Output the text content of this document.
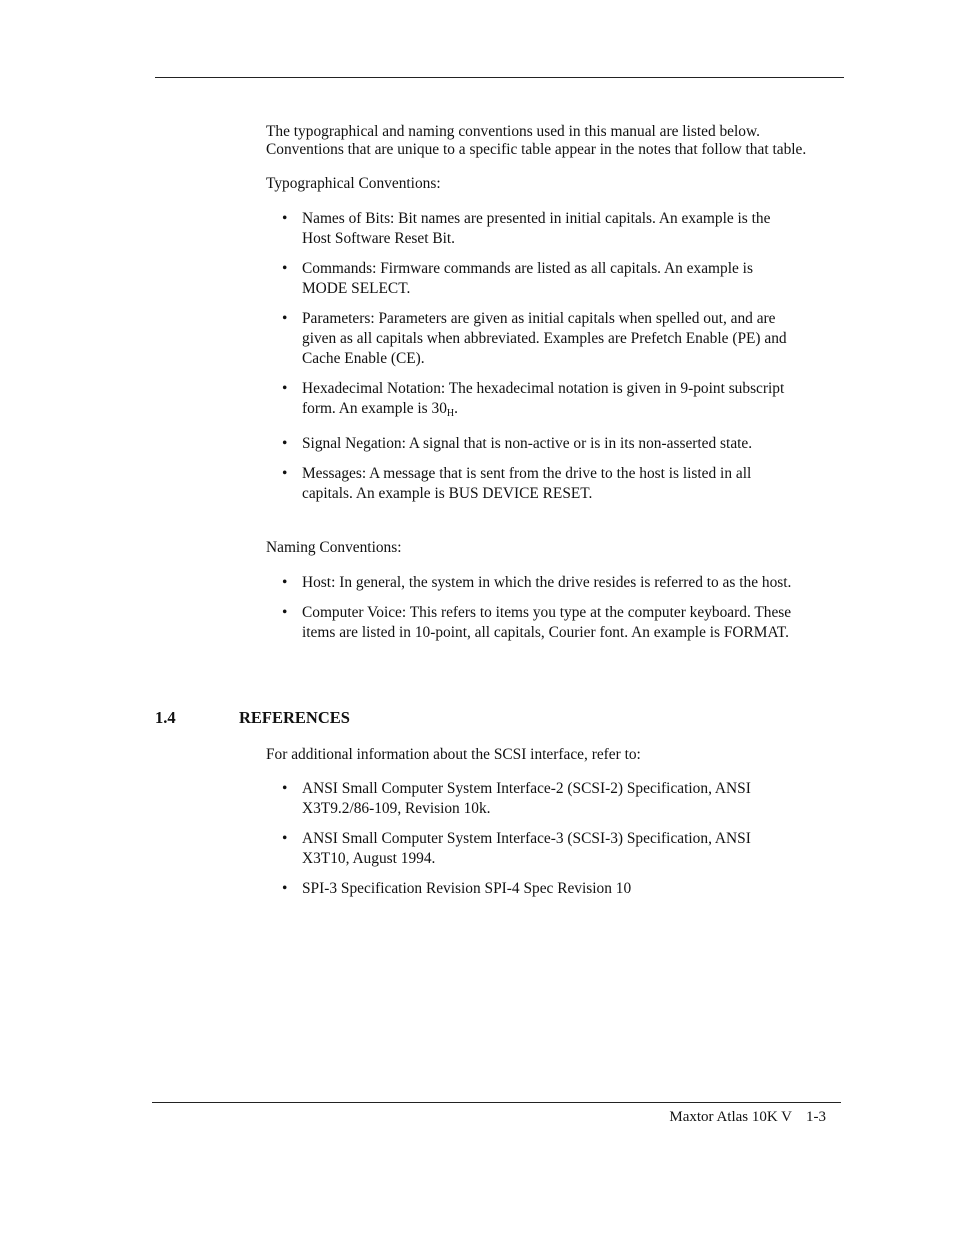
The typographical and naming conventions used in this manual are listed below. Conventions that are unique to a specific table appear in the notes that follow that table.

Typographical Conventions:

• Names of Bits: Bit names are presented in initial capitals. An example is the Host Software Reset Bit.
• Commands: Firmware commands are listed as all capitals. An example is MODE SELECT.
• Parameters: Parameters are given as initial capitals when spelled out, and are given as all capitals when abbreviated. Examples are Prefetch Enable (PE) and Cache Enable (CE).
• Hexadecimal Notation: The hexadecimal notation is given in 9-point subscript form. An example is $30_H$.
• Signal Negation: A signal that is non-active or is in its non-asserted state.
• Messages: A message that is sent from the drive to the host is listed in all capitals. An example is BUS DEVICE RESET.

Naming Conventions:

• Host: In general, the system in which the drive resides is referred to as the host.
• Computer Voice: This refers to items you type at the computer keyboard. These items are listed in 10-point, all capitals, Courier font. An example is FORMAT.
1.4	REFERENCES

For additional information about the SCSI interface, refer to:

• ANSI Small Computer System Interface-2 (SCSI-2) Specification, ANSI X3T9.2/86-109, Revision 10k.
• ANSI Small Computer System Interface-3 (SCSI-3) Specification, ANSI X3T10, August 1994.
• SPI-3 Specification Revision SPI-4 Spec Revision 10
Maxtor Atlas 10K V 1-3
